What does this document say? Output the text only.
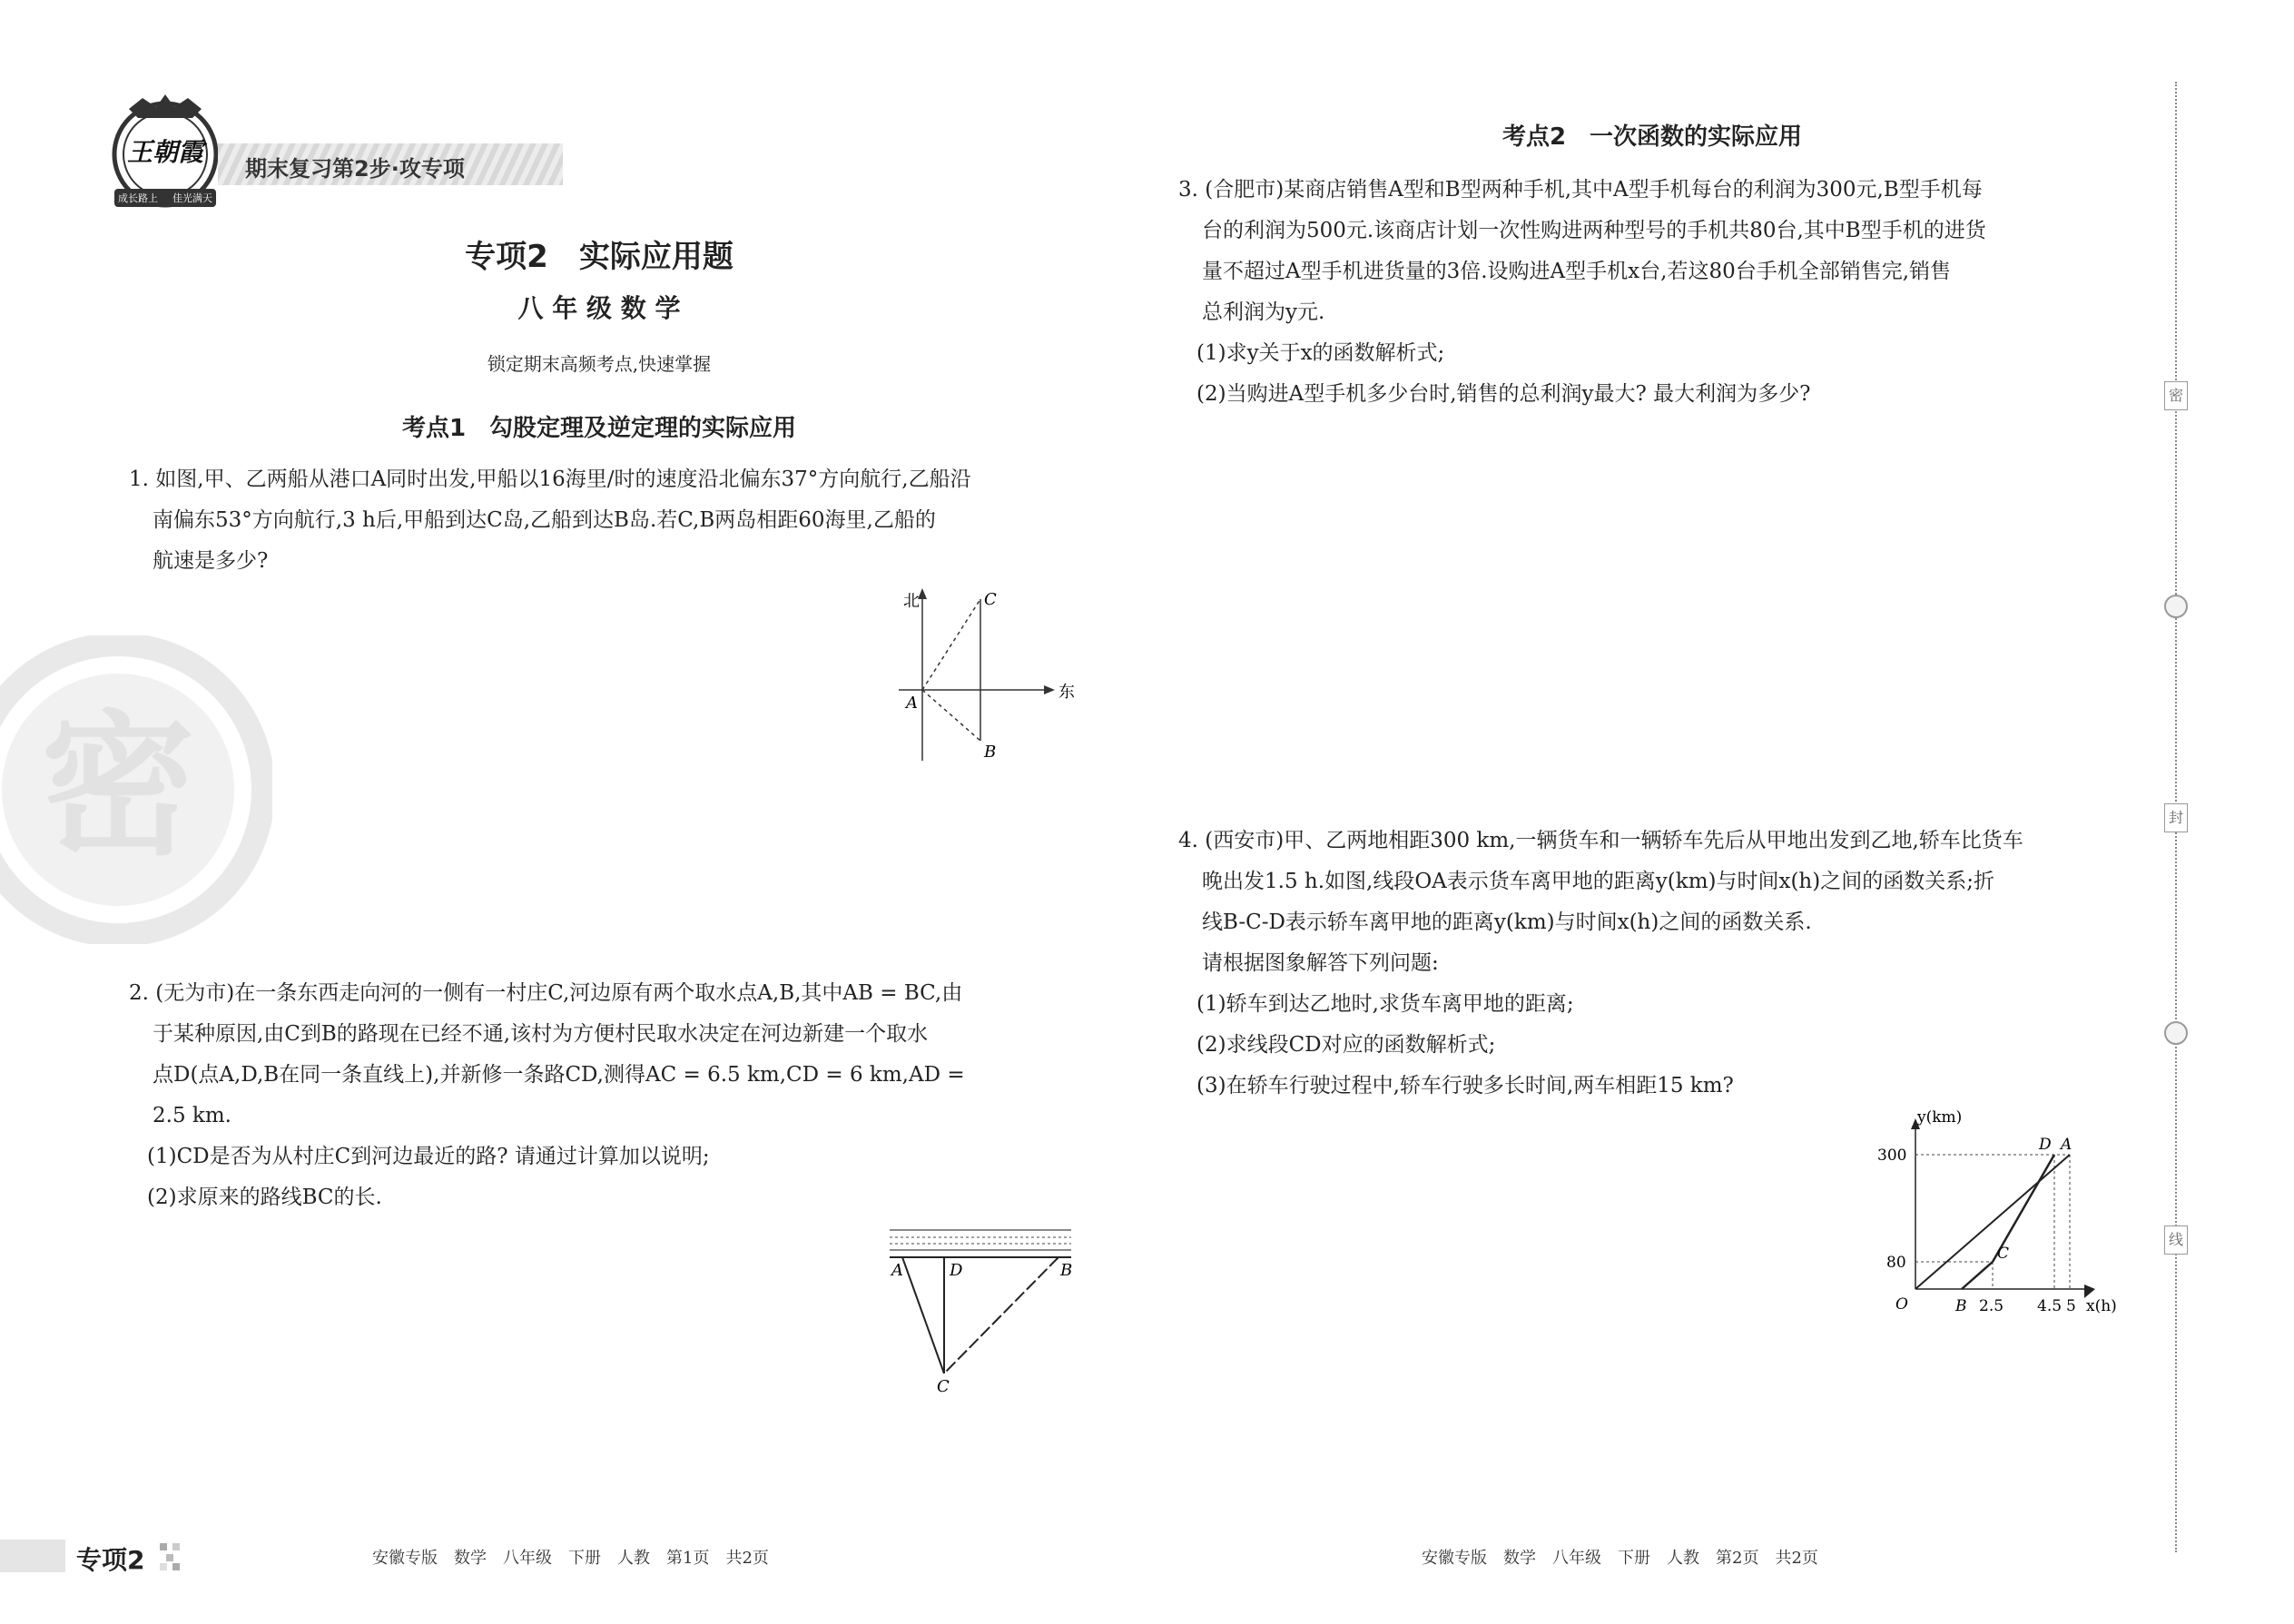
密
王朝霞
成长路上 佳光满天
期末复习第2步·攻专项
专项2　实际应用题
八 年 级 数 学
锁定期末高频考点,快速掌握
考点1　勾股定理及逆定理的实际应用

1. 如图,甲、乙两船从港口A同时出发,甲船以16海里/时的速度沿北偏东37°方向航行,乙船沿

南偏东53°方向航行,3 h后,甲船到达C岛,乙船到达B岛.若C,B两岛相距60海里,乙船的

航速是多少?

北
东
A
C
B

2. (无为市)在一条东西走向河的一侧有一村庄C,河边原有两个取水点A,B,其中AB = BC,由

于某种原因,由C到B的路现在已经不通,该村为方便村民取水决定在河边新建一个取水

点D(点A,D,B在同一条直线上),并新修一条路CD,测得AC = 6.5 km,CD = 6 km,AD =

2.5 km.

(1)CD是否为从村庄C到河边最近的路? 请通过计算加以说明;

(2)求原来的路线BC的长.

A	D	B
C
考点2　一次函数的实际应用

3. (合肥市)某商店销售A型和B型两种手机,其中A型手机每台的利润为300元,B型手机每

台的利润为500元.该商店计划一次性购进两种型号的手机共80台,其中B型手机的进货

量不超过A型手机进货量的3倍.设购进A型手机x台,若这80台手机全部销售完,销售

总利润为y元.

(1)求y关于x的函数解析式;

(2)当购进A型手机多少台时,销售的总利润y最大? 最大利润为多少?

4. (西安市)甲、乙两地相距300 km,一辆货车和一辆轿车先后从甲地出发到乙地,轿车比货车

晚出发1.5 h.如图,线段OA表示货车离甲地的距离y(km)与时间x(h)之间的函数关系;折

线B-C-D表示轿车离甲地的距离y(km)与时间x(h)之间的函数关系.

请根据图象解答下列问题:

(1)轿车到达乙地时,求货车离甲地的距离;

(2)求线段CD对应的函数解析式;

(3)在轿车行驶过程中,轿车行驶多长时间,两车相距15 km?

y(km)
x(h)
O
300
80
B 2.5 4.5 5
D A
C
密
封
线
专项2	安徽专版　数学　八年级　下册　人教　第1页　共2页	安徽专版　数学　八年级　下册　人教　第2页　共2页
